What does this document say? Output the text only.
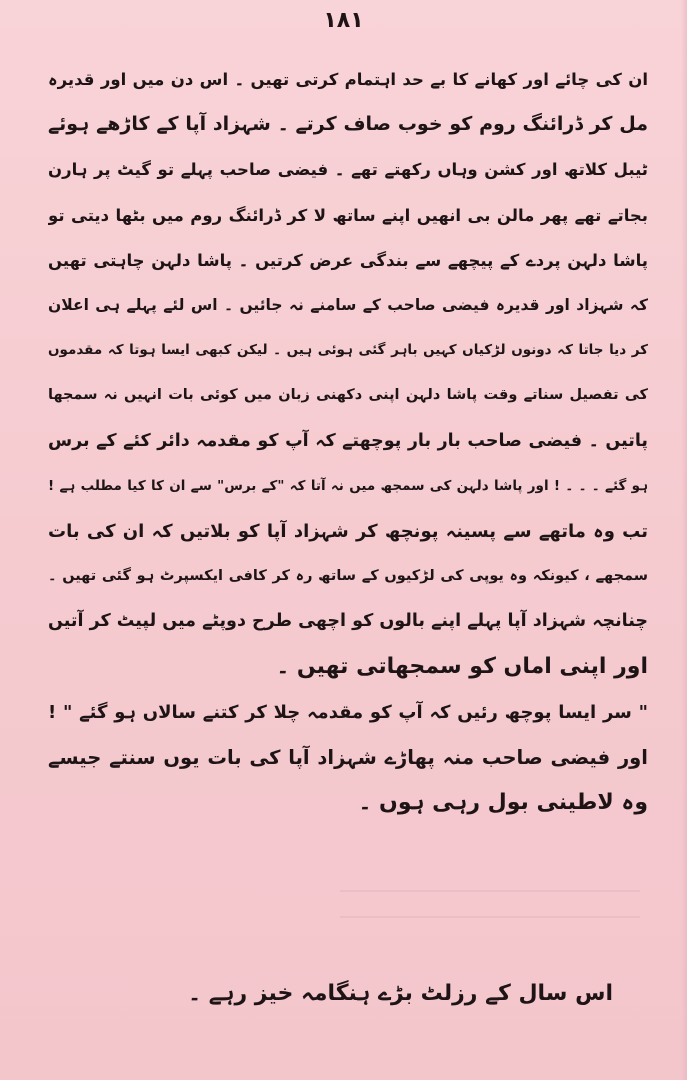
۱۸۱
ان کی چائے اور کھانے کا بے حد اہتمام کرتی تھیں ۔ اس دن میں اور قدیرہ
مل کر ڈرائنگ روم کو خوب صاف کرتے ۔ شہزاد آپا کے کاڑھے ہوئے
ٹیبل کلاتھ اور کشن وہاں رکھتے تھے ۔ فیضی صاحب پہلے تو گیٹ پر ہارن
بجاتے تھے پھر مالن بی انھیں اپنے ساتھ لا کر ڈرائنگ روم میں بٹھا دیتی تو
پاشا دلہن پردے کے پیچھے سے بندگی عرض کرتیں ۔ پاشا دلہن چاہتی تھیں
کہ شہزاد اور قدیرہ فیضی صاحب کے سامنے نہ جائیں ۔ اس لئے پہلے ہی اعلان
کر دیا جاتا کہ دونوں لڑکیاں کہیں باہر گئی ہوئی ہیں ۔ لیکن کبھی ایسا ہوتا کہ مقدموں
کی تفصیل سناتے وقت پاشا دلہن اپنی دکھنی زبان میں کوئی بات انہیں نہ سمجھا
پاتیں ۔ فیضی صاحب بار بار پوچھتے کہ آپ کو مقدمہ دائر کئے کے برس
ہو گئے ۔ ۔ ۔ ! اور پاشا دلہن کی سمجھ میں نہ آتا کہ "کے برس" سے ان کا کیا مطلب ہے !
تب وہ ماتھے سے پسینہ پونچھ کر شہزاد آپا کو بلاتیں کہ ان کی بات
سمجھے ، کیونکہ وہ یوپی کی لڑکیوں کے ساتھ رہ کر کافی ایکسپرٹ ہو گئی تھیں ۔
چنانچہ شہزاد آپا پہلے اپنے بالوں کو اچھی طرح دوپٹے میں لپیٹ کر آتیں
اور اپنی اماں کو سمجھاتی تھیں ۔
" سر ایسا پوچھ رئیں کہ آپ کو مقدمہ چلا کر کتنے سالاں ہو گئے " !
اور فیضی صاحب منہ پھاڑے شہزاد آپا کی بات یوں سنتے جیسے
وہ لاطینی بول رہی ہوں ۔
اس سال کے رزلٹ بڑے ہنگامہ خیز رہے ۔
